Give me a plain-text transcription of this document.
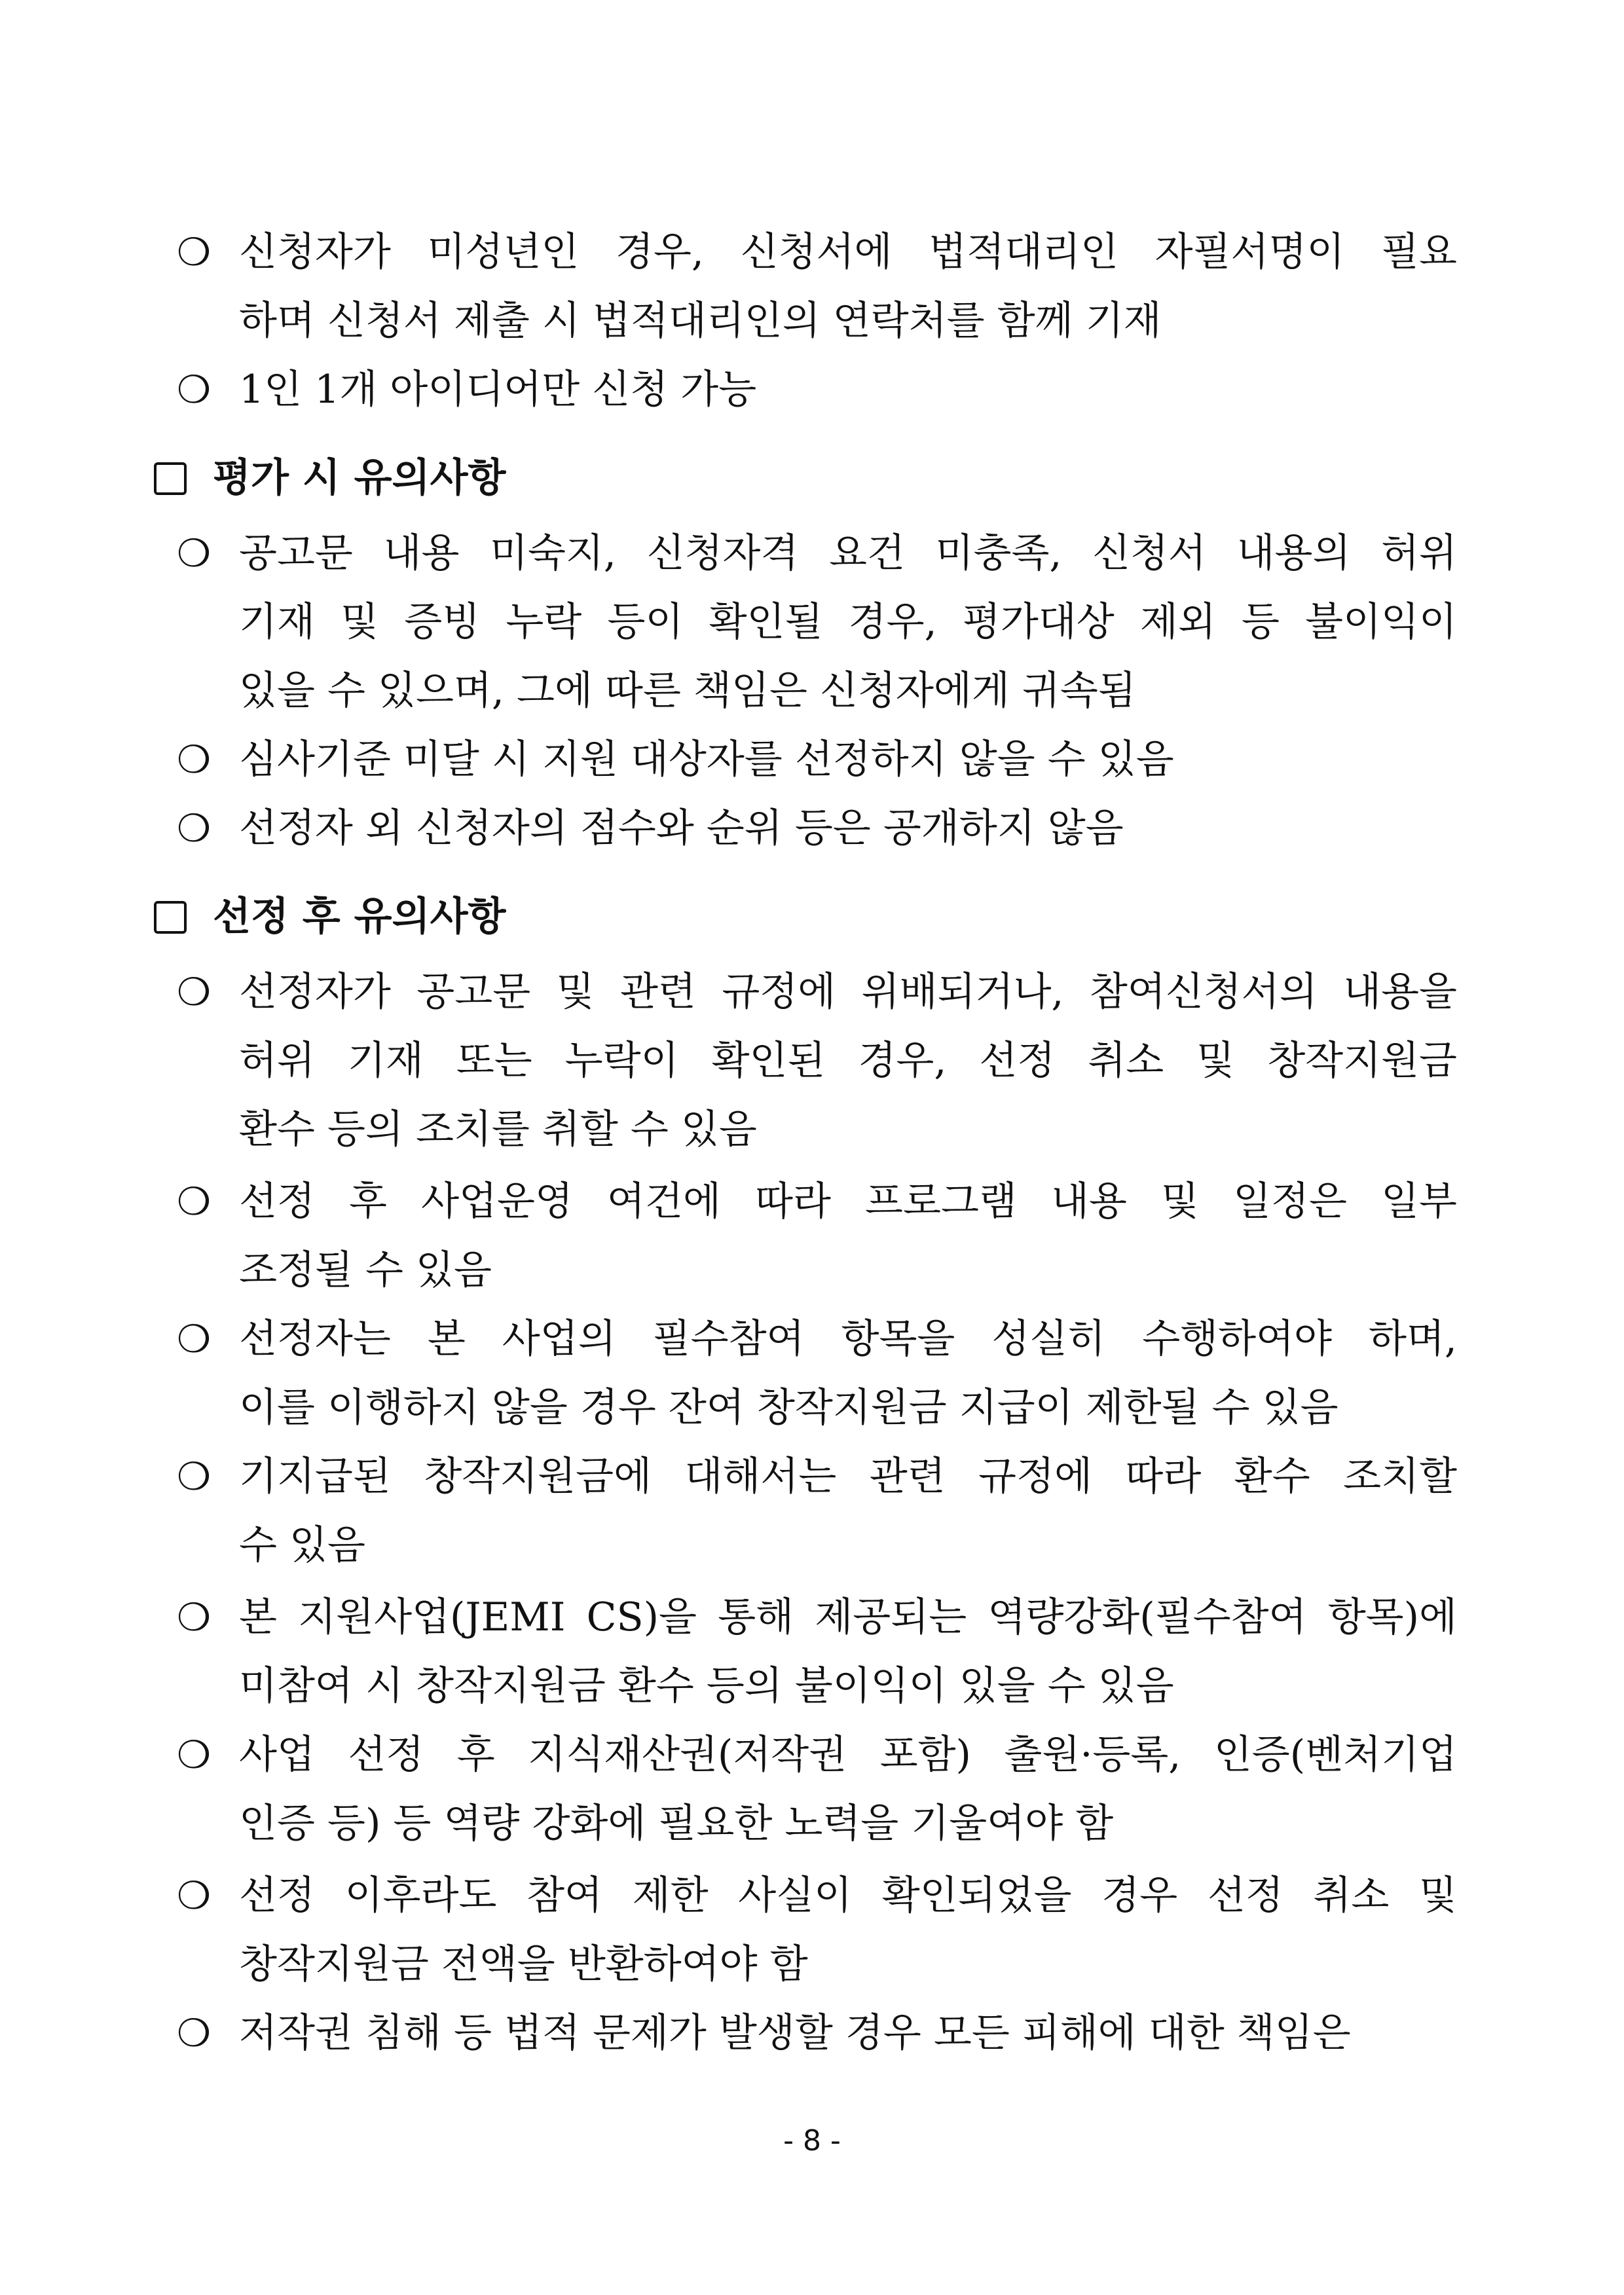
❍ 신청자가 미성년인 경우, 신청서에 법적대리인 자필서명이 필요
하며 신청서 제출 시 법적대리인의 연락처를 함께 기재
❍ 1인 1개 아이디어만 신청 가능
평가 시 유의사항
❍ 공고문 내용 미숙지, 신청자격 요건 미충족, 신청서 내용의 허위
기재 및 증빙 누락 등이 확인될 경우, 평가대상 제외 등 불이익이
있을 수 있으며, 그에 따른 책임은 신청자에게 귀속됨
❍ 심사기준 미달 시 지원 대상자를 선정하지 않을 수 있음
❍ 선정자 외 신청자의 점수와 순위 등은 공개하지 않음
선정 후 유의사항
❍ 선정자가 공고문 및 관련 규정에 위배되거나, 참여신청서의 내용을
허위 기재 또는 누락이 확인된 경우, 선정 취소 및 창작지원금
환수 등의 조치를 취할 수 있음
❍ 선정 후 사업운영 여건에 따라 프로그램 내용 및 일정은 일부
조정될 수 있음
❍ 선정자는 본 사업의 필수참여 항목을 성실히 수행하여야 하며,
이를 이행하지 않을 경우 잔여 창작지원금 지급이 제한될 수 있음
❍ 기지급된 창작지원금에 대해서는 관련 규정에 따라 환수 조치할
수 있음
❍ 본 지원사업(JEMI CS)을 통해 제공되는 역량강화(필수참여 항목)에
미참여 시 창작지원금 환수 등의 불이익이 있을 수 있음
❍ 사업 선정 후 지식재산권(저작권 포함) 출원·등록, 인증(벤처기업
인증 등) 등 역량 강화에 필요한 노력을 기울여야 함
❍ 선정 이후라도 참여 제한 사실이 확인되었을 경우 선정 취소 및
창작지원금 전액을 반환하여야 함
❍ 저작권 침해 등 법적 문제가 발생할 경우 모든 피해에 대한 책임은
- 8 -
